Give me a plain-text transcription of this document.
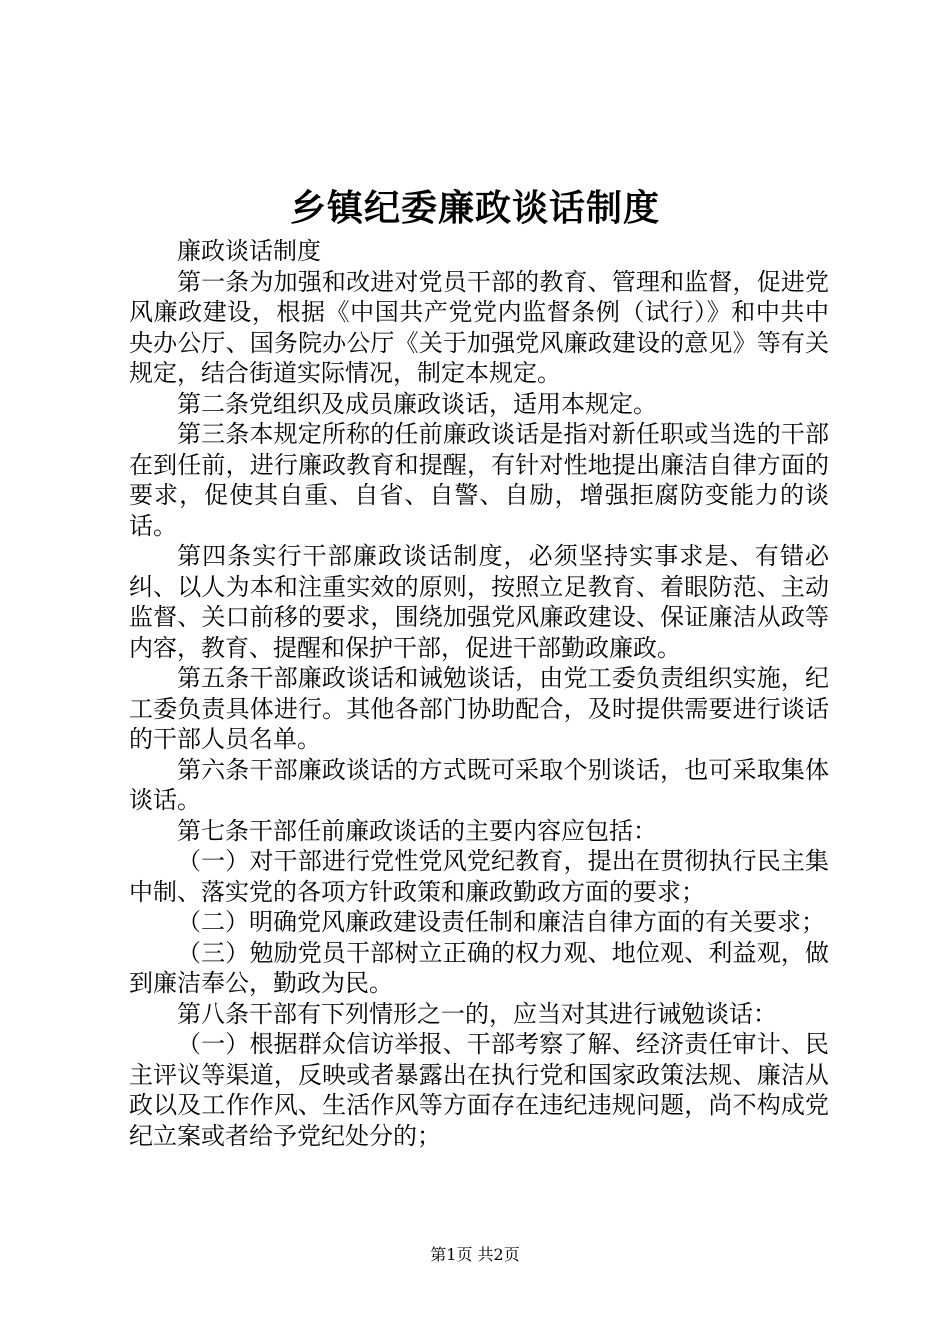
乡镇纪委廉政谈话制度

廉政谈话制度

第一条为加强和改进对党员干部的教育、管理和监督，促进党风廉政建设，根据《中国共产党党内监督条例（试行）》和中共中央办公厅、国务院办公厅《关于加强党风廉政建设的意见》等有关规定，结合街道实际情况，制定本规定。

第二条党组织及成员廉政谈话，适用本规定。

第三条本规定所称的任前廉政谈话是指对新任职或当选的干部在到任前，进行廉政教育和提醒，有针对性地提出廉洁自律方面的要求，促使其自重、自省、自警、自励，增强拒腐防变能力的谈话。

第四条实行干部廉政谈话制度，必须坚持实事求是、有错必纠、以人为本和注重实效的原则，按照立足教育、着眼防范、主动监督、关口前移的要求，围绕加强党风廉政建设、保证廉洁从政等内容，教育、提醒和保护干部，促进干部勤政廉政。

第五条干部廉政谈话和诫勉谈话，由党工委负责组织实施，纪工委负责具体进行。其他各部门协助配合，及时提供需要进行谈话的干部人员名单。

第六条干部廉政谈话的方式既可采取个别谈话，也可采取集体谈话。

第七条干部任前廉政谈话的主要内容应包括：

（一）对干部进行党性党风党纪教育，提出在贯彻执行民主集中制、落实党的各项方针政策和廉政勤政方面的要求；

（二）明确党风廉政建设责任制和廉洁自律方面的有关要求；

（三）勉励党员干部树立正确的权力观、地位观、利益观，做到廉洁奉公，勤政为民。

第八条干部有下列情形之一的，应当对其进行诫勉谈话：

（一）根据群众信访举报、干部考察了解、经济责任审计、民主评议等渠道，反映或者暴露出在执行党和国家政策法规、廉洁从政以及工作作风、生活作风等方面存在违纪违规问题，尚不构成党纪立案或者给予党纪处分的；

第1页 共2页
